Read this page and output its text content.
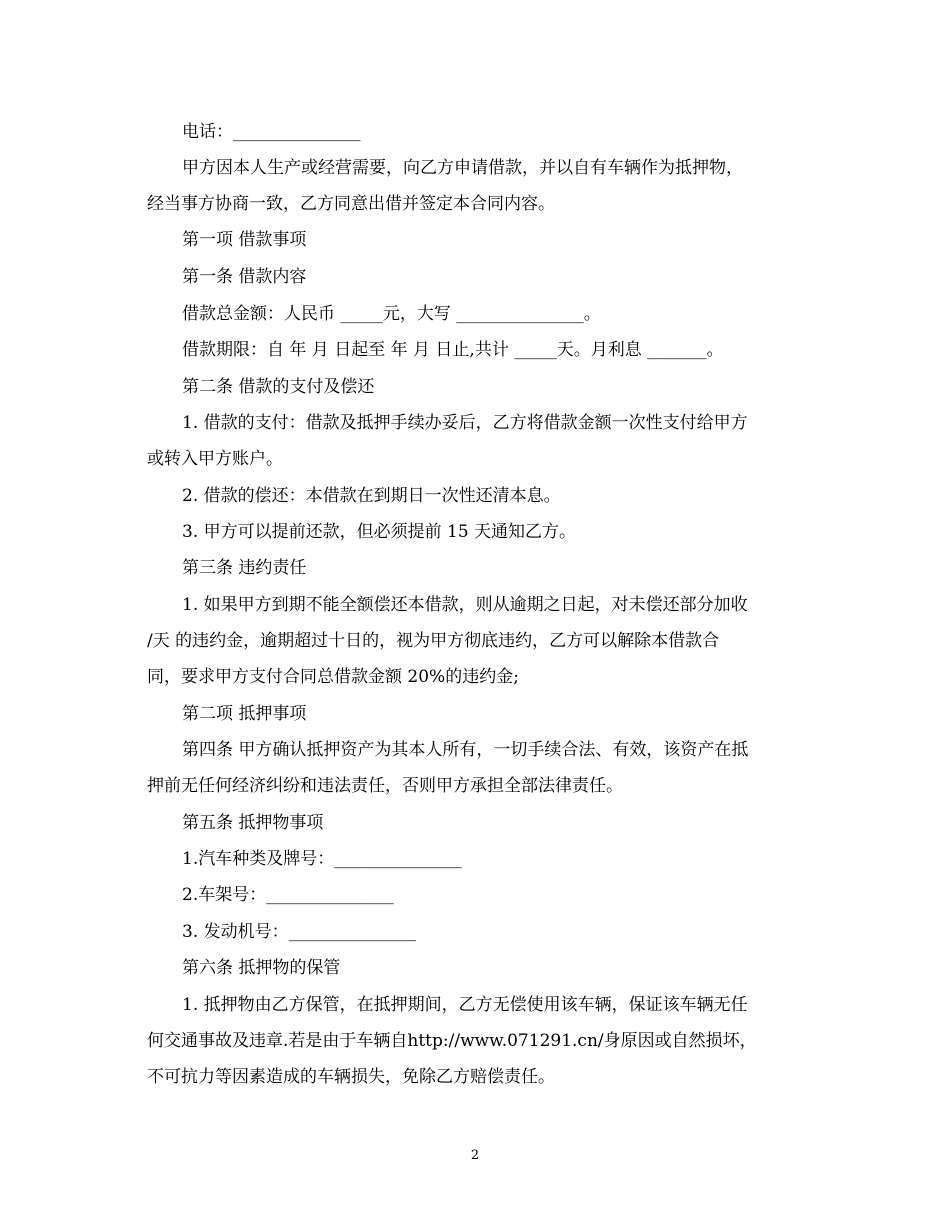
电话：_______________
甲方因本人生产或经营需要，向乙方申请借款，并以自有车辆作为抵押物，
经当事方协商一致，乙方同意出借并签定本合同内容。
第一项 借款事项
第一条 借款内容
借款总金额：人民币 _____元，大写 _______________。
借款期限：自 年 月 日起至 年 月 日止,共计 _____天。月利息 _______。
第二条 借款的支付及偿还
1. 借款的支付：借款及抵押手续办妥后，乙方将借款金额一次性支付给甲方
或转入甲方账户。
2. 借款的偿还：本借款在到期日一次性还清本息。
3. 甲方可以提前还款，但必须提前 15 天通知乙方。
第三条 违约责任
1. 如果甲方到期不能全额偿还本借款，则从逾期之日起，对未偿还部分加收
/天 的违约金，逾期超过十日的，视为甲方彻底违约，乙方可以解除本借款合
同，要求甲方支付合同总借款金额 20%的违约金;
第二项 抵押事项
第四条 甲方确认抵押资产为其本人所有，一切手续合法、有效，该资产在抵
押前无任何经济纠纷和违法责任，否则甲方承担全部法律责任。
第五条 抵押物事项
1.汽车种类及牌号：_______________
2.车架号：_______________
3. 发动机号：_______________
第六条 抵押物的保管
1. 抵押物由乙方保管，在抵押期间，乙方无偿使用该车辆，保证该车辆无任
何交通事故及违章.若是由于车辆自http://www.071291.cn/身原因或自然损坏，
不可抗力等因素造成的车辆损失，免除乙方赔偿责任。
2
